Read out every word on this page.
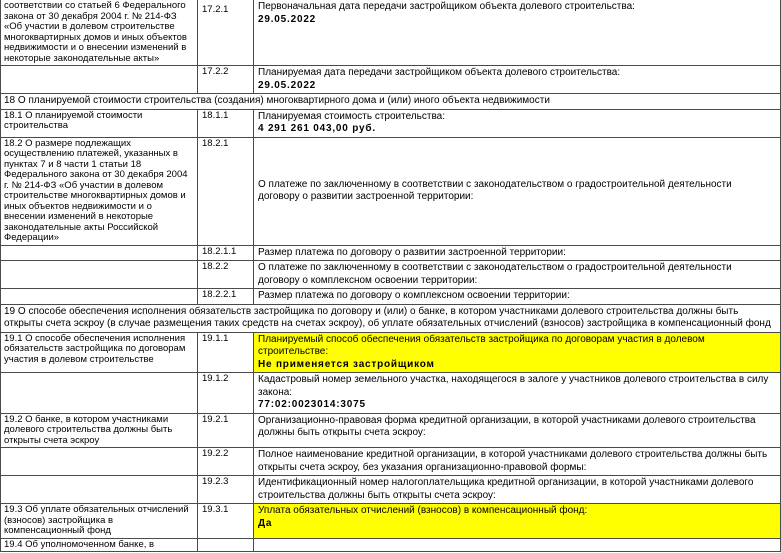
соответствии со статьей 6 Федерального закона от 30 декабря 2004 г. № 214-ФЗ «Об участии в долевом строительстве многоквартирных домов и иных объектов недвижимости и о внесении изменений в некоторые законодательные акты»	17.2.1	Первоначальная дата передачи застройщиком объекта долевого строительства:
29.05.2022

	17.2.2	Планируемая дата передачи застройщиком объекта долевого строительства:
29.05.2022

18 О планируемой стоимости строительства (создания) многоквартирного дома и (или) иного объекта недвижимости		
18.1 О планируемой стоимости строительства	18.1.1	Планируемая стоимость строительства:
4 291 261 043,00 руб.

18.2 О размере подлежащих осуществлению платежей, указанных в пунктах 7 и 8 части 1 статьи 18 Федерального закона от 30 декабря 2004 г. № 214-ФЗ «Об участии в долевом строительстве многоквартирных домов и иных объектов недвижимости и о внесении изменений в некоторые законодательные акты Российской Федерации»	18.2.1	О платеже по заключенному в соответствии с законодательством о градостроительной деятельности договору о развитии застроенной территории:

	18.2.1.1	Размер платежа по договору о развитии застроенной территории:

	18.2.2	О платеже по заключенному в соответствии с законодательством о градостроительной деятельности договору о комплексном освоении территории:

	18.2.2.1	Размер платежа по договору о комплексном освоении территории:

19 О способе обеспечения исполнения обязательств застройщика по договору и (или) о банке, в котором участниками долевого строительства должны быть открыты счета эскроу (в случае размещения таких средств на счетах эскроу), об уплате обязательных отчислений (взносов) застройщика в компенсационный фонд		
19.1 О способе обеспечения исполнения обязательств застройщика по договорам участия в долевом строительстве	19.1.1	Планируемый способ обеспечения обязательств застройщика по договорам участия в долевом строительстве:
Не применяется застройщиком

	19.1.2	Кадастровый номер земельного участка, находящегося в залоге у участников долевого строительства в силу закона:
77:02:0023014:3075

19.2 О банке, в котором участниками долевого строительства должны быть открыты счета эскроу	19.2.1	Организационно-правовая форма кредитной организации, в которой участниками долевого строительства должны быть открыты счета эскроу:

	19.2.2	Полное наименование кредитной организации, в которой участниками долевого строительства должны быть открыты счета эскроу, без указания организационно-правовой формы:

	19.2.3	Идентификационный номер налогоплательщика кредитной организации, в которой участниками долевого строительства должны быть открыты счета эскроу:

19.3 Об уплате обязательных отчислений (взносов) застройщика в компенсационный фонд	19.3.1	Уплата обязательных отчислений (взносов) в компенсационный фонд:
Да

19.4 Об уполномоченном банке, в		
